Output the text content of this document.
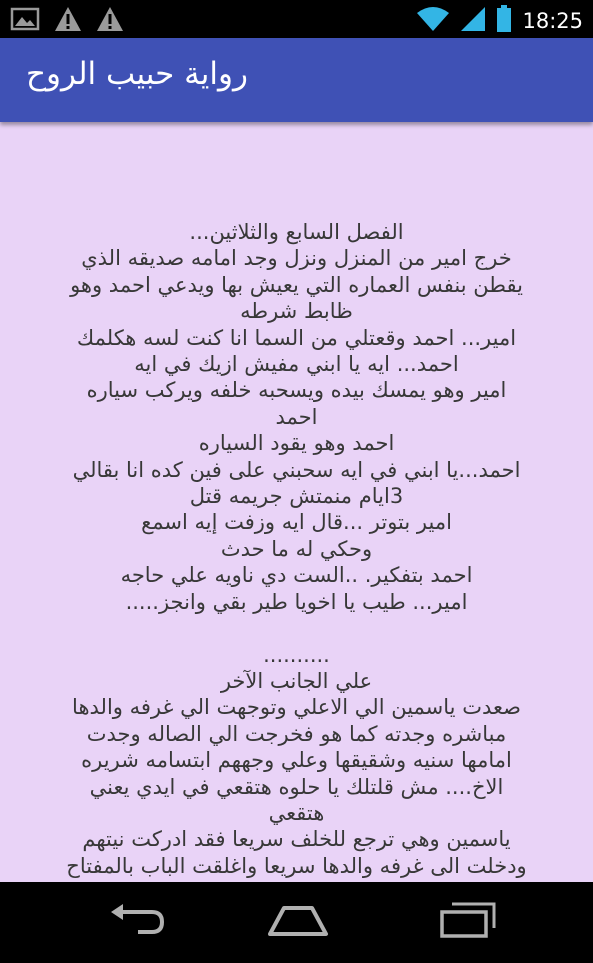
18:25
رواية حبيب الروح
الفصل السابع والثلاثين...
خرج امير من المنزل ونزل وجد امامه صديقه الذي
يقطن بنفس العماره التي يعيش بها ويدعي احمد وهو
ظابط شرطه
امير... احمد وقعتلي من السما انا كنت لسه هكلمك
احمد... ايه يا ابني مفيش ازيك في ايه
امير وهو يمسك بيده ويسحبه خلفه ويركب سياره
احمد
احمد وهو يقود السياره
احمد...يا ابني في ايه سحبني على فين كده انا بقالي
3ايام منمتش جريمه قتل
امير بتوتر ...قال ايه وزفت إيه اسمع
وحكي له ما حدث
احمد بتفكير. ..الست دي ناويه علي حاجه
امير... طيب يا اخويا طير بقي وانجز.....

..........
علي الجانب الآخر
صعدت ياسمين الي الاعلي وتوجهت الي غرفه والدها
مباشره وجدته كما هو فخرجت الي الصاله وجدت
امامها سنيه وشقيقها وعلي وجههم ابتسامه شريره
الاخ.... مش قلتلك يا حلوه هتقعي في ايدي يعني
هتقعي
ياسمين وهي ترجع للخلف سريعا فقد ادركت نيتهم
ودخلت الى غرفه والدها سريعا واغلقت الباب بالمفتاح
